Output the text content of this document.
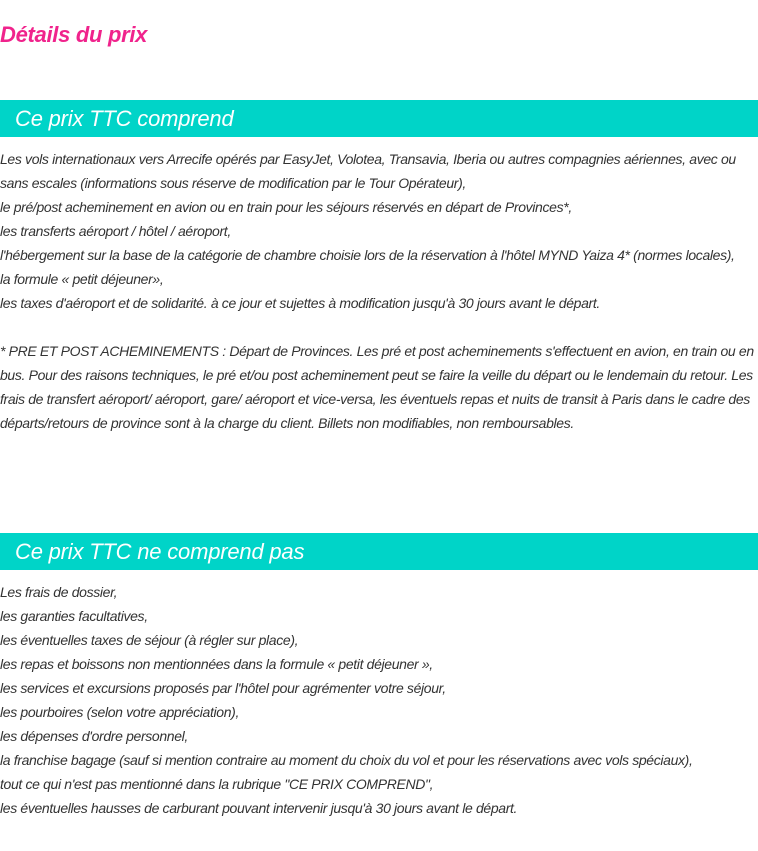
Détails du prix
Ce prix TTC comprend

Les vols internationaux vers Arrecife opérés par EasyJet, Volotea, Transavia, Iberia ou autres compagnies aériennes, avec ou sans escales (informations sous réserve de modification par le Tour Opérateur),

le pré/post acheminement en avion ou en train pour les séjours réservés en départ de Provinces*,

les transferts aéroport / hôtel / aéroport,

l'hébergement sur la base de la catégorie de chambre choisie lors de la réservation à l'hôtel MYND Yaiza 4* (normes locales),

la formule « petit déjeuner»,

les taxes d'aéroport et de solidarité. à ce jour et sujettes à modification jusqu'à 30 jours avant le départ.

* PRE ET POST ACHEMINEMENTS : Départ de Provinces. Les pré et post acheminements s'effectuent en avion, en train ou en bus. Pour des raisons techniques, le pré et/ou post acheminement peut se faire la veille du départ ou le lendemain du retour. Les frais de transfert aéroport/ aéroport, gare/ aéroport et vice-versa, les éventuels repas et nuits de transit à Paris dans le cadre des départs/retours de province sont à la charge du client. Billets non modifiables, non remboursables.

Ce prix TTC ne comprend pas

Les frais de dossier,

les garanties facultatives,

les éventuelles taxes de séjour (à régler sur place),

les repas et boissons non mentionnées dans la formule « petit déjeuner »,

les services et excursions proposés par l'hôtel pour agrémenter votre séjour,

les pourboires (selon votre appréciation),

les dépenses d'ordre personnel,

la franchise bagage (sauf si mention contraire au moment du choix du vol et pour les réservations avec vols spéciaux),

tout ce qui n'est pas mentionné dans la rubrique "CE PRIX COMPREND",

les éventuelles hausses de carburant pouvant intervenir jusqu'à 30 jours avant le départ.
